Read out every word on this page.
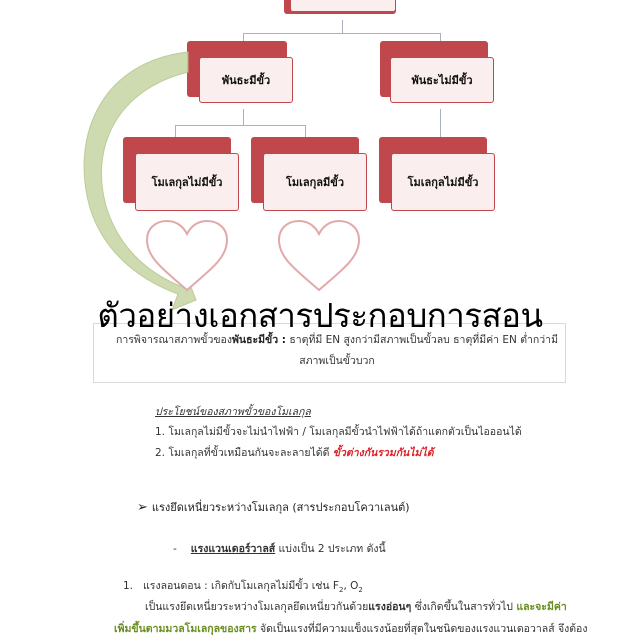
พันธะมีขั้ว	พันธะไม่มีขั้ว
โมเลกุลไม่มีขั้ว	โมเลกุลมีขั้ว	โมเลกุลไม่มีขั้ว
การพิจารณาสภาพขั้วของพันธะมีขั้ว : ธาตุที่มี EN สูงกว่ามีสภาพเป็นขั้วลบ ธาตุที่มีค่า EN ต่ำกว่ามี
สภาพเป็นขั้วบวก
ตัวอย่างเอกสารประกอบการสอน
ประโยชน์ของสภาพขั้วของโมเลกุล
1. โมเลกุลไม่มีขั้วจะไม่นำไฟฟ้า / โมเลกุลมีขั้วนำไฟฟ้าได้ถ้าแตกตัวเป็นไอออนได้
2. โมเลกุลที่ขั้วเหมือนกันจะละลายได้ดี ขั้วต่างกันรวมกันไม่ได้
➢ แรงยึดเหนี่ยวระหว่างโมเลกุล (สารประกอบโควาเลนต์)
- แรงแวนเดอร์วาลส์ แบ่งเป็น 2 ประเภท ดังนี้
1. แรงลอนดอน : เกิดกับโมเลกุลไม่มีขั้ว เช่น $F_2$, $O_2$
เป็นแรงยึดเหนี่ยวระหว่างโมเลกุลยึดเหนี่ยวกันด้วยแรงอ่อนๆ ซึ่งเกิดขึ้นในสารทั่วไป และจะมีค่า
เพิ่มขึ้นตามมวลโมเลกุลของสาร จัดเป็นแรงที่มีความแข็งแรงน้อยที่สุดในชนิดของแรงแวนเดอวาลส์ จึงต้อง
